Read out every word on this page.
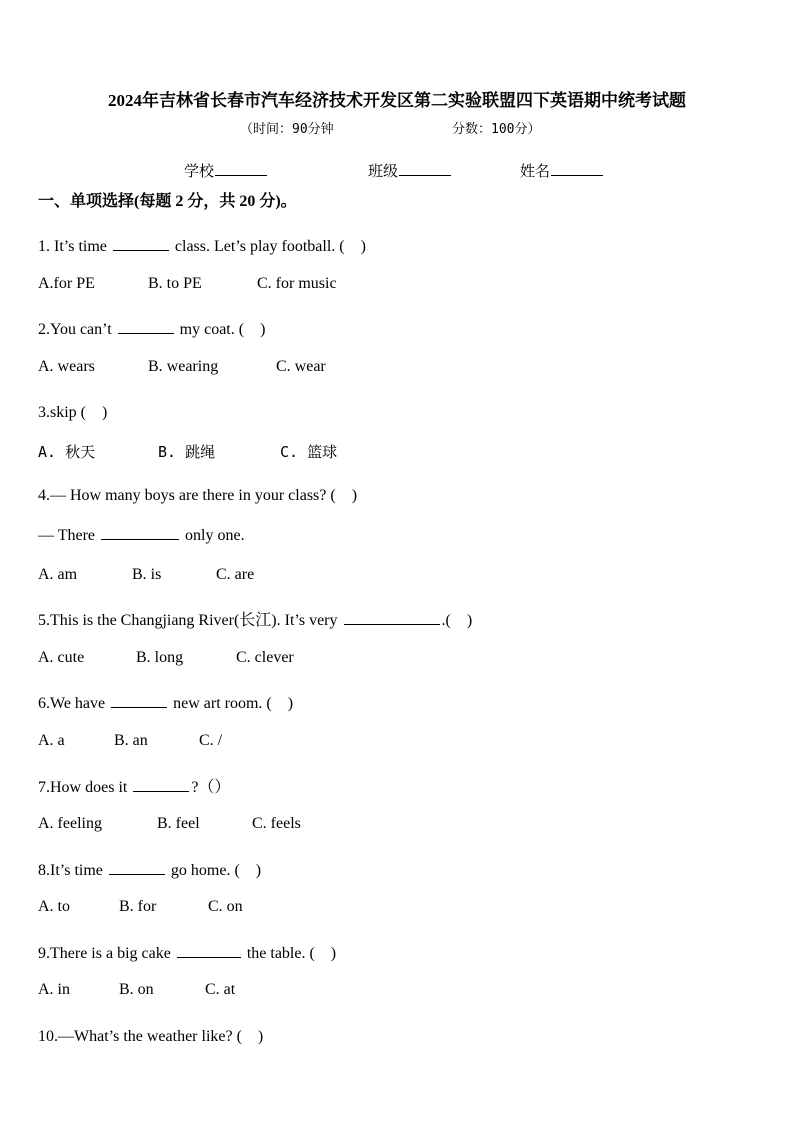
2024年吉林省长春市汽车经济技术开发区第二实验联盟四下英语期中统考试题
（时间：90分钟	分数：100分）
学校	班级	姓名
一、单项选择(每题 2 分，共 20 分)。
1. It’s time	class. Let’s play football. (　)
A.for PE	B. to PE	C. for music
2.You can’t	my coat. (　)
A. wears	B. wearing	C. wear
3.skip (　)
A. 秋天	B. 跳绳	C. 篮球
4.— How many boys are there in your class? (　)
— There	only one.
A. am	B. is	C. are
5.This is the Changjiang River(长江). It’s very	.(　)
A. cute	B. long	C. clever
6.We have	new art room. (　)
A. a	B. an	C. /
7.How does it	?（）
A. feeling	B. feel	C. feels
8.It’s time	go home. (　)
A. to	B. for	C. on
9.There is a big cake	the table. (　)
A. in	B. on	C. at
10.—What’s the weather like? (　)
